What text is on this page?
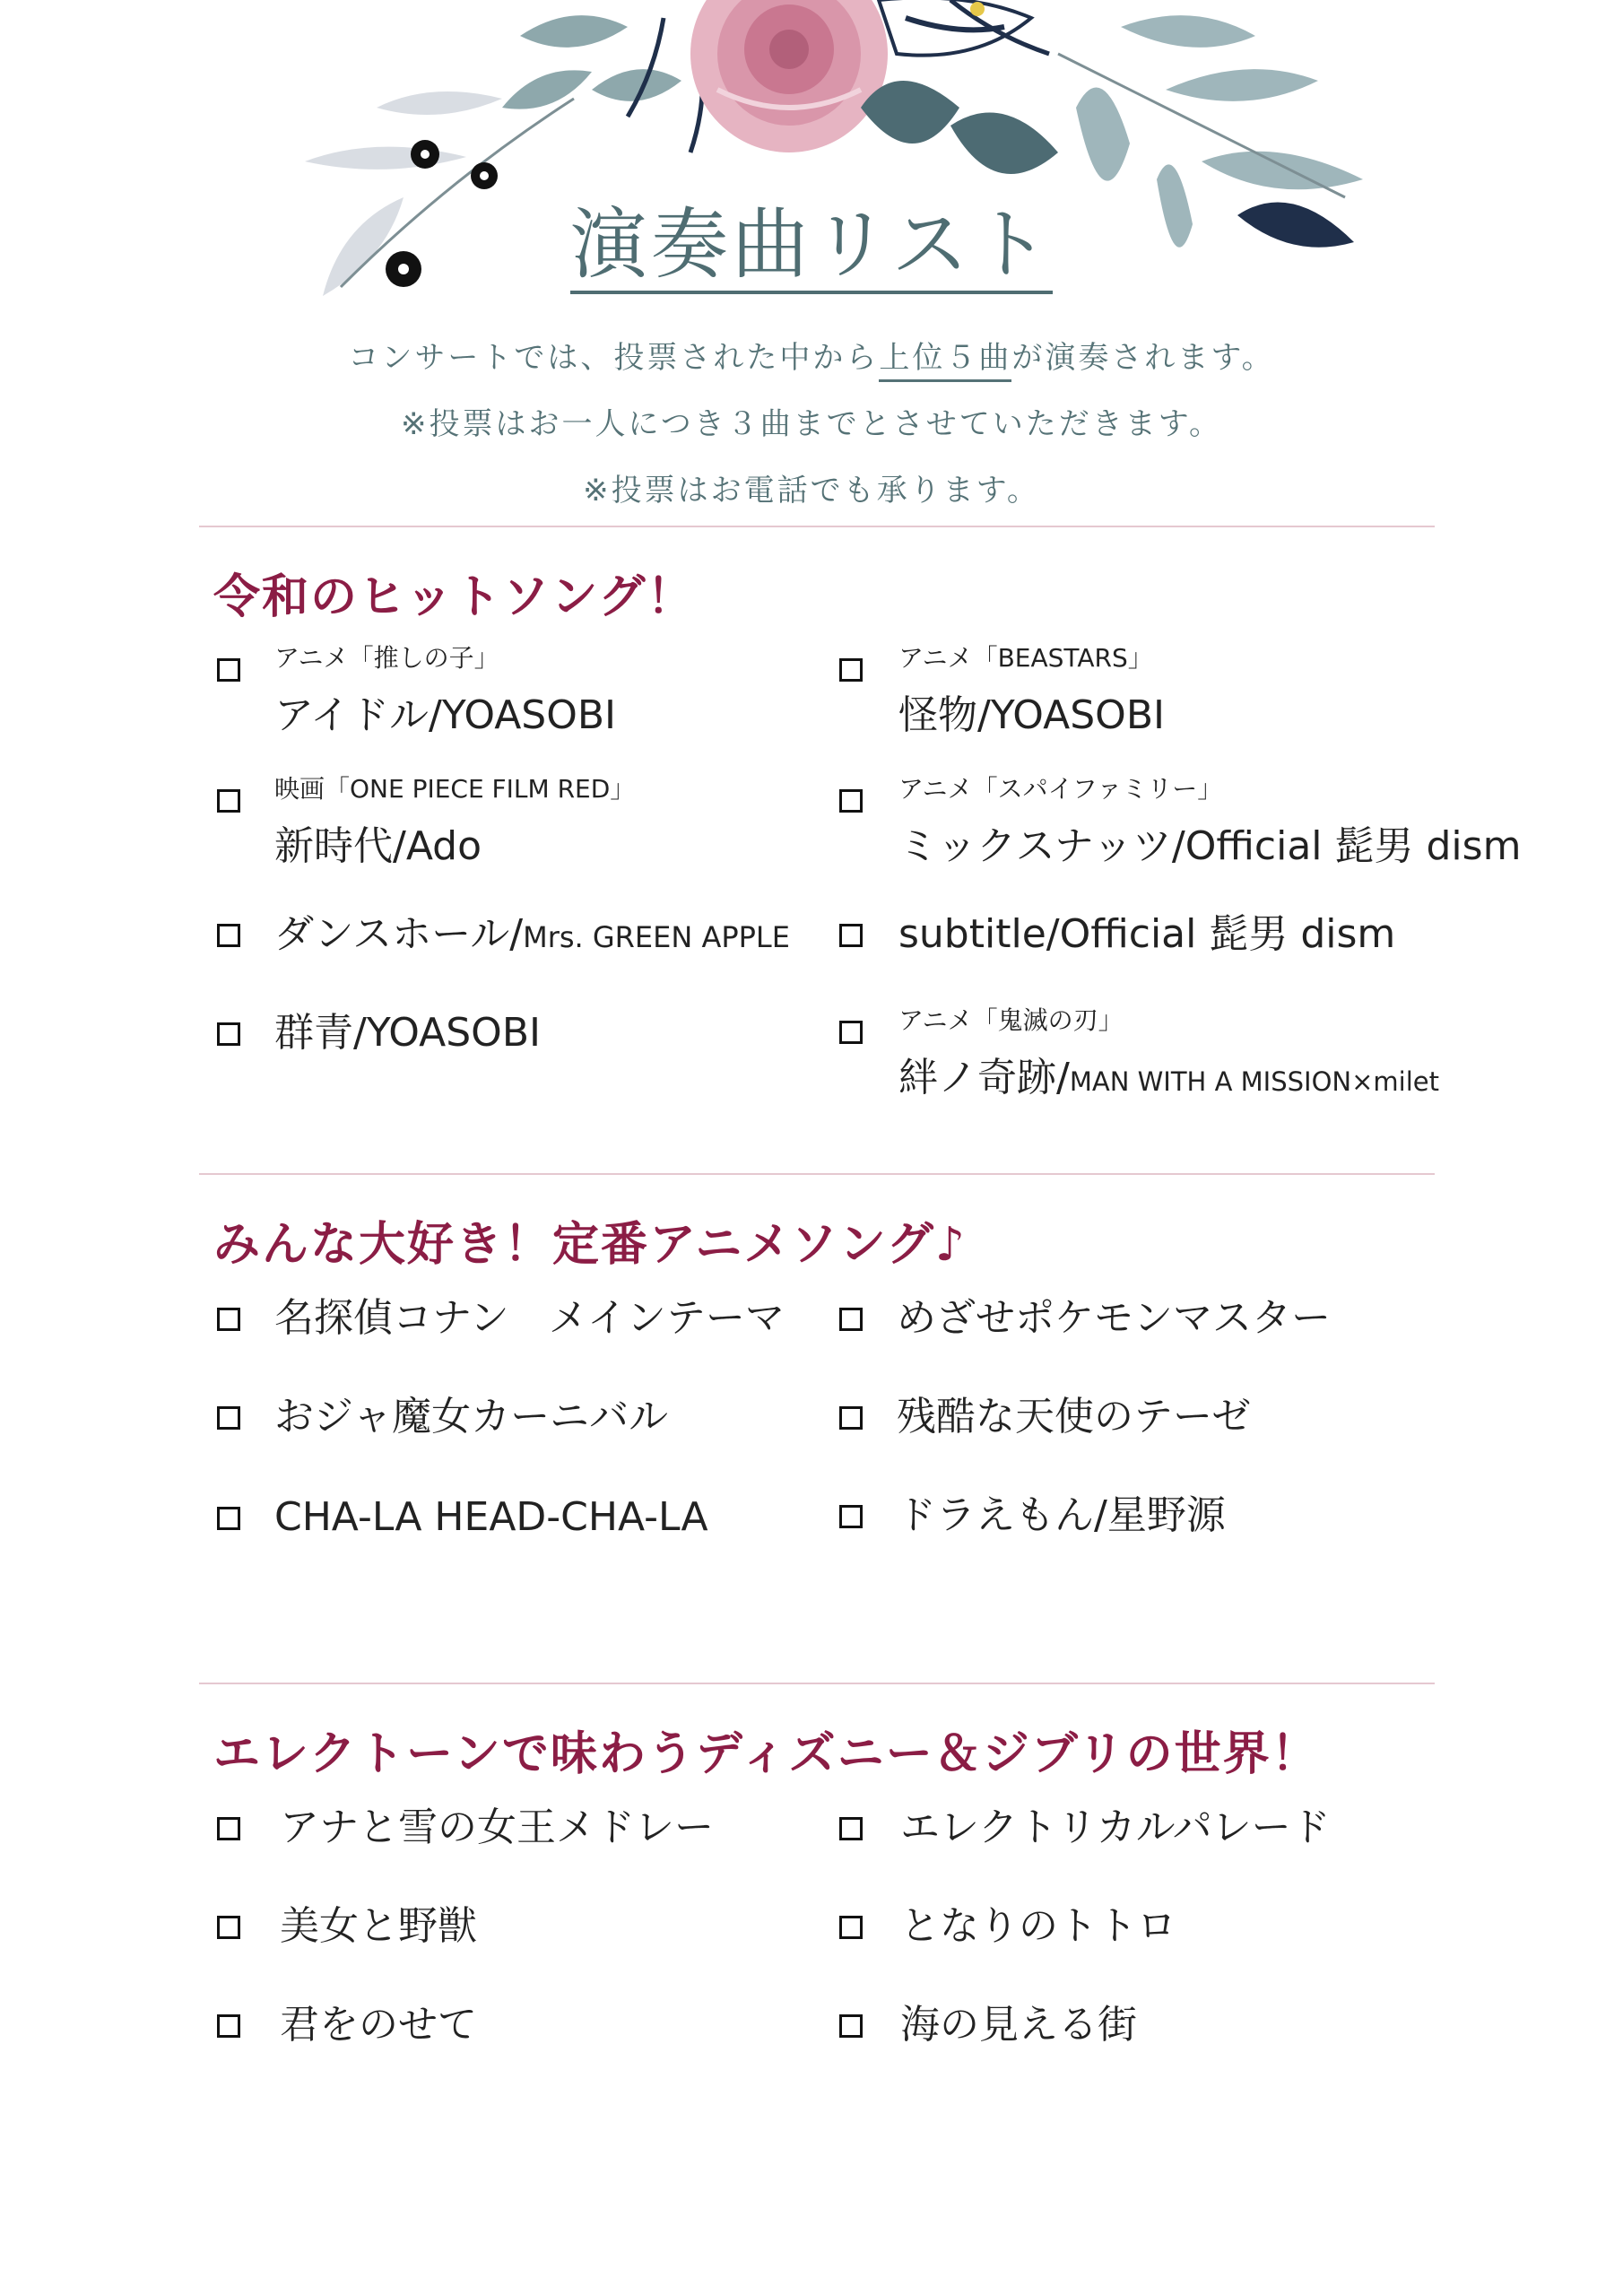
演奏曲リスト
コンサートでは、投票された中から上位５曲が演奏されます。
※投票はお一人につき３曲までとさせていただきます。
※投票はお電話でも承ります。
令和のヒットソング！
アニメ「推しの子」
アイドル/YOASOBI
映画「ONE PIECE FILM RED」
新時代/Ado
ダンスホール/Mrs. GREEN APPLE
群青/YOASOBI
アニメ「BEASTARS」
怪物/YOASOBI
アニメ「スパイファミリー」
ミックスナッツ/Official 髭男 dism
subtitle/Official 髭男 dism
アニメ「鬼滅の刃」
絆ノ奇跡/MAN WITH A MISSION×milet
みんな大好き！定番アニメソング♪
名探偵コナン　メインテーマ
おジャ魔女カーニバル
CHA-LA HEAD-CHA-LA
めざせポケモンマスター
残酷な天使のテーゼ
ドラえもん/星野源
エレクトーンで味わうディズニー＆ジブリの世界！
アナと雪の女王メドレー
美女と野獣
君をのせて
エレクトリカルパレード
となりのトトロ
海の見える街
